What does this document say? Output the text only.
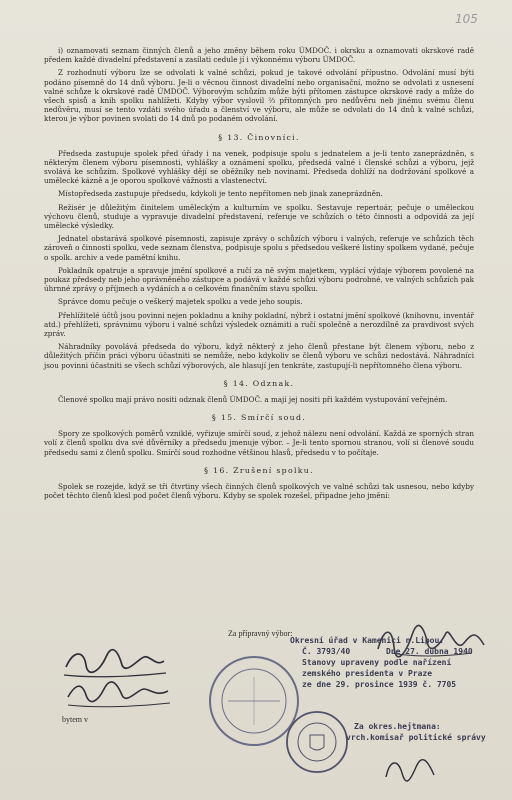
105

i) oznamovati seznam činných členů a jeho změny během roku ÚMDOČ. i okrsku a oznamovati okrskové radě předem každé divadelní představení a zasílati cedule jí i výkonnému výboru ÚMDOČ.

Z rozhodnutí výboru lze se odvolati k valné schůzi, pokud je takové odvolání přípustno. Odvolání musí býti podáno písemně do 14 dnů výboru. Je-li o věcnou činnost divadelní nebo organisační, možno se odvolati z usnesení valné schůze k okrskové radě ÚMDOČ. Výborovým schůzím může býti přítomen zástupce okrskové rady a může do všech spisů a knih spolku nahlížeti. Kdyby výbor vyslovil ⅔ přítomných pro nedůvěru neb jinému svému členu nedůvěru, musí se tento vzdáti svého úřadu a členství ve výboru, ale může se odvolati do 14 dnů k valné schůzi, kterou je výbor povinen svolati do 14 dnů po podaném odvolání.

§ 13. Činovníci.

Předseda zastupuje spolek před úřady i na venek, podpisuje spolu s jednatelem a je-li tento zaneprázdněn, s některým členem výboru písemnosti, vyhlášky a oznámení spolku, předsedá valné i členské schůzi a výboru, jejž svolává ke schůzím. Spolkové vyhlášky dějí se oběžníky neb novinami. Předseda dohlíží na dodržování spolkové a umělecké kázně a je oporou spolkové vážnosti a vlastenectví.

Místopředseda zastupuje předsedu, kdykoli je tento nepřítomen neb jinak zaneprázdněn.

Režisér je důležitým činitelem uměleckým a kulturním ve spolku. Sestavuje repertoár, pečuje o uměleckou výchovu členů, studuje a vypravuje divadelní představení, referuje ve schůzích o této činnosti a odpovídá za její umělecké výsledky.

Jednatel obstarává spolkové písemnosti, zapisuje zprávy o schůzích výboru i valných, referuje ve schůzích těch zároveň o činnosti spolku, vede seznam členstva, podpisuje spolu s předsedou veškeré listiny spolkem vydané, pečuje o spolk. archiv a vede pamětní knihu.

Pokladník opatruje a spravuje jmění spolkové a ručí za ně svým majetkem, vyplácí výdaje výborem povolené na poukaz předsedy neb jeho oprávněného zástupce a podává v každé schůzi výboru podrobné, ve valných schůzích pak úhrnné zprávy o příjmech a vydáních a o celkovém finančním stavu spolku.

Správce domu pečuje o veškerý majetek spolku a vede jeho soupis.

Přehlížitelé účtů jsou povinni nejen pokladnu a knihy pokladní, nýbrž i ostatní jmění spolkové (knihovnu, inventář atd.) přehlížeti, správnimu výboru i valné schůzi výsledek oznámiti a ručí společně a nerozdílně za pravdivost svých zpráv.

Náhradníky povolává předseda do výboru, když některý z jeho členů přestane být členem výboru, nebo z důležitých příčin práci výboru účastniti se nemůže, nebo kdykoliv se členů výboru ve schůzi nedostává. Náhradníci jsou povinni účastniti se všech schůzí výborových, ale hlasují jen tenkráte, zastupují-li nepřítomného člena výboru.

§ 14. Odznak.

Členové spolku mají právo nositi odznak členů ÚMDOČ. a mají jej nositi při každém vystupování veřejném.

§ 15. Smírčí soud.

Spory ze spolkových poměrů vzniklé, vyřizuje smírčí soud, z jehož nálezu není odvolání. Každá ze sporných stran volí z členů spolku dva své důvěrníky a předsedu jmenuje výbor. – Je-li tento spornou stranou, volí si členové soudu předsedu sami z členů spolku. Smírčí soud rozhodne většinou hlasů, předsedu v to počítaje.

§ 16. Zrušení spolku.

Spolek se rozejde, když se tři čtvrtiny všech činných členů spolkových ve valné schůzi tak usnesou, nebo kdyby počet těchto členů klesl pod počet členů výboru. Kdyby se spolek rozešel, připadne jeho jmění:

Za přípravný výbor:
bytem v
Okresní úřad v Kamenici n.Lipou.
Č. 3793/40	Dne 27. dubna 1940
Stanovy upraveny podle nařízení
zemského presidenta v Praze
ze dne 29. prosince 1939 č. 7705
Za okres.hejtmana:
vrch.komisař politické správy
